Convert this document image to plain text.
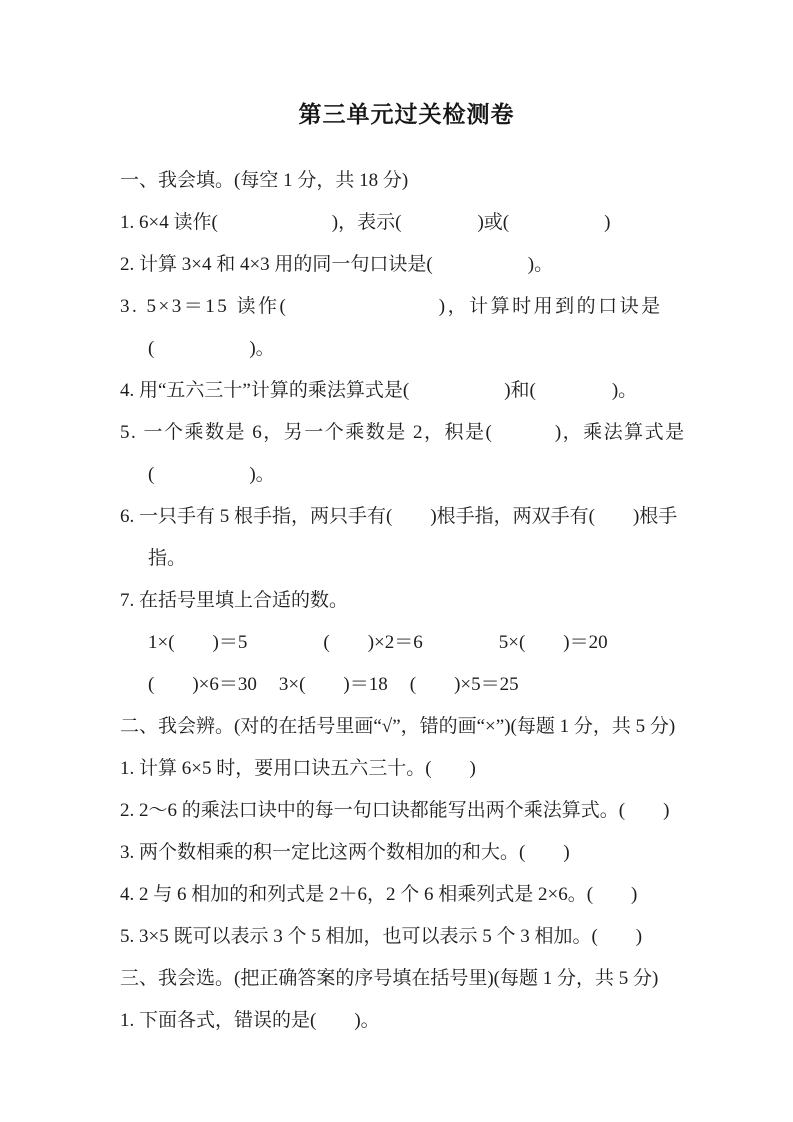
第三单元过关检测卷
一、我会填。(每空 1 分，共 18 分)
1. 6×4 读作(　　　　　　)，表示(　　　　)或(　　　　　)
2. 计算 3×4 和 4×3 用的同一句口诀是(　　　　　)。
3. 5×3＝15 读作(　　　　　　　)，计算时用到的口诀是
(　　　　　)。
4. 用“五六三十”计算的乘法算式是(　　　　　)和(　　　　)。
5. 一个乘数是 6，另一个乘数是 2，积是(　　　)，乘法算式是
(　　　　　)。
6. 一只手有 5 根手指，两只手有(　　)根手指，两双手有(　　)根手
指。
7. 在括号里填上合适的数。
1×(　　)＝5	(　　)×2＝6	5×(　　)＝20
(　　)×6＝30 3×(　　)＝18 (　　)×5＝25
二、我会辨。(对的在括号里画“√”，错的画“×”)(每题 1 分，共 5 分)
1. 计算 6×5 时，要用口诀五六三十。(　　)
2. 2～6 的乘法口诀中的每一句口诀都能写出两个乘法算式。(　　)
3. 两个数相乘的积一定比这两个数相加的和大。(　　)
4. 2 与 6 相加的和列式是 2＋6，2 个 6 相乘列式是 2×6。(　　)
5. 3×5 既可以表示 3 个 5 相加，也可以表示 5 个 3 相加。(　　)
三、我会选。(把正确答案的序号填在括号里)(每题 1 分，共 5 分)
1. 下面各式，错误的是(　　)。
